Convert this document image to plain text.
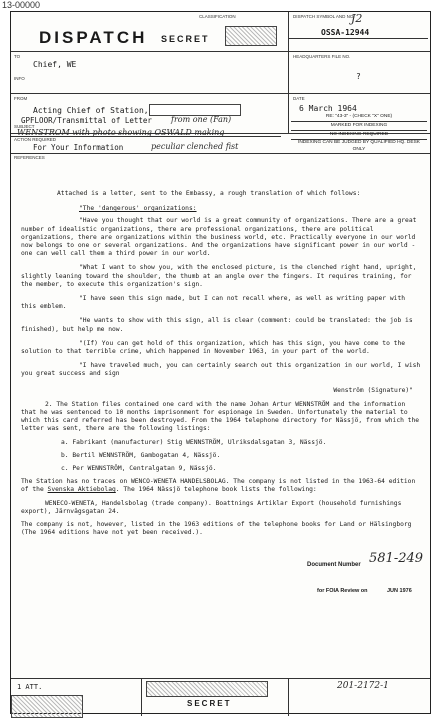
13-00000
J2
DISPATCH
CLASSIFICATION
SECRET
DISPATCH SYMBOL AND NO.
OSSA-12944
TO
Chief, WE
INFO
HEADQUARTERS FILE NO.
?
FROM
Acting Chief of Station,
DATE
6 March 1964
SUBJECT
RE: "43-3" - (CHECK "X" ONE)
MARKED FOR INDEXING
NO INDEXING REQUIRED
INDEXING CAN BE JUDGED BY QUALIFIED HQ. DESK ONLY
GPFLOOR/Transmittal of Letter from one (Fan)
WENSTROM with photo showing OSWALD making
ACTION REQUIRED
For Your Information	peculiar clenched fist
REFERENCES

Attached is a letter, sent to the Embassy, a rough translation of which follows:

"The 'dangerous' organizations:

"Have you thought that our world is a great community of organizations. There are a great number of idealistic organizations, there are professional organizations, there are political organizations, there are organizations within the business world, etc. Practically everyone in our world now belongs to one or several organizations. And the organizations have significant power in our world - one can well call them a third power in our world.

"What I want to show you, with the enclosed picture, is the clenched right hand, upright, slightly leaning toward the shoulder, the thumb at an angle over the fingers. It requires training, for the member, to execute this organization's sign.

"I have seen this sign made, but I can not recall where, as well as writing paper with this emblem.

"He wants to show with this sign, all is clear (comment: could be translated: the job is finished), but help me now.

"(If) You can get hold of this organization, which has this sign, you have come to the solution to that terrible crime, which happened in November 1963, in your part of the world.

"I have traveled much, you can certainly search out this organization in our world, I wish you great success and sign

Wenström (Signature)"

2. The Station files contained one card with the name Johan Artur WENNSTRÖM and the information that he was sentenced to 10 months imprisonment for espionage in Sweden. Unfortunately the material to which this card referred has been destroyed. From the 1964 telephone directory for Nässjö, from which the letter was sent, there are the following listings:

a. Fabrikant (manufacturer) Stig WENNSTRÖM, Ulriksdalsgatan 3, Nässjö.

b. Bertil WENNSTRÖM, Gambogatan 4, Nässjö.

c. Per WENNSTRÖM, Centralgatan 9, Nässjö.

The Station has no traces on WENCO-WENETA HANDELSBOLAG. The company is not listed in the 1963-64 edition of the Svenska Aktiebolag. The 1964 Nässjö telephone book lists the following:

WENECO-WENETA, Handelsbolag (trade company). Boattnings Artiklar Export (household furnishings export), Järnvägsgatan 24.

The company is not, however, listed in the 1963 editions of the telephone books for Land or Hälsingborg (The 1964 editions have not yet been received.).

Document Number 581-249
for FOIA Review on	JUN 1976
1 ATT.
SECRET
201-2172-1
